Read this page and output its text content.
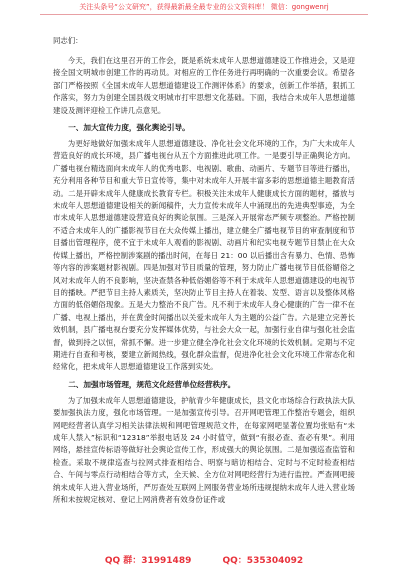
关注头条号“公文研究”，获得最新最全最专业的公文资料库！ 微信：gongwenrj
同志们：

今天，我们在这里召开的工作会，既是系统未成年人思想道德建设工作推进会，又是迎接全国文明城市创建工作的再动员。对相应的工作任务进行再明确的一次重要会议。希望各部门严格按照《全国未成年人思想道德建设工作测评体系》的要求，创新工作举措，狠抓工作落实，努力为创建全国县级文明城市打牢思想文化基础。下面，我结合未成年人思想道德建设及测评迎检工作讲几点意见。

一、加大宣传力度，强化舆论引导。

为更好地做好加强未成年人思想道德建设、净化社会文化环境的工作，为广大未成年人营造良好的成长环境，县广播电视台从五个方面推进此项工作。一是要引导正确舆论方向。广播电视台精选面向未成年人的优秀电影、电视剧、歌曲、动画片、专题节目等进行播出，充分利用各种节目和重大节日宣传等，集中对未成年人开展丰富多彩的思想道德主题教育活动。二是开辟未成年人健康成长教育专栏。积极关注未成年人健康成长方面的题材，播放与未成年人思想道德建设相关的新闻稿件，大力宣传未成年人中涌现出的先进典型事迹，为全市未成年人思想道德建设营造良好的舆论氛围。三是深入开展常态严频专项整治。严格控制不适合未成年人的广播影视节目在大众传媒上播出，建立健全广播电视节目的审查制度和节目播出管理程序，使不宜于未成年人观看的影视剧、动画片和纪实电视专题节目禁止在大众传媒上播出，严格控制涉案剧的播出时间，在每日 21：00 以后播出含有暴力、色情、恐怖等内容的涉案题材影视剧。四是加强对节目质量的管理，努力防止广播电视节目低俗媚俗之风对未成年人的不良影响，坚决查禁各种低俗媚俗等不利于未成年人思想道德建设的电视节目的播映。严把节目主持人素质关，坚决防止节目主持人在着装、发型、语言以及整体风格方面的低俗媚俗现象。五是大力整治不良广告。凡不利于未成年人身心健康的广告一律不在广播、电视上播出，并在黄金时间播出以关爱未成年人为主题的公益广告。六是建立完善长效机制，县广播电视台要充分发挥媒体优势，与社会大众一起，加强行业自律与强化社会监督，做到持之以恒，常抓不懈。进一步建立健全净化社会文化环境的长效机制。定期与不定期进行自查和考核，要建立新闻热线，强化群众监督，促进净化社会文化环境工作常态化和经常化，把未成年人思想道德建设工作落到实处。

二、加强市场管理，规范文化经营单位经营秩序。

为了加强未成年人思想道德建设，护航青少年健康成长，县文化市场综合行政执法大队要加强执法力度，强化市场管理。一是加强宣传引导。召开网吧管理工作整治专题会，组织网吧经营者认真学习相关法律法规和网吧管理规范文件，在每家网吧显著位置均张贴有“未成年人禁入”标识和“12318”举报电话及 24 小时值守，做到“有报必查、查必有果”。利用网络，悬挂宣传标语等做好社会舆论宣传工作，形成强大的舆论氛围。二是加强巡查监管和检查。采取不规律巡查与拉网式排查相结合、明察与暗访相结合、定时与不定时检查相结合、午间与零点行动相结合等方式，全天候、全方位对网吧经营行为进行监控。严查网吧接纳未成年人进入营业场所，严厉查处互联网上网服务营业场所违规提纳未成年人进入营业场所和未按规定核对、登记上网消费者有效身份证件或

QQ 群：31991489	QQ：535304092
